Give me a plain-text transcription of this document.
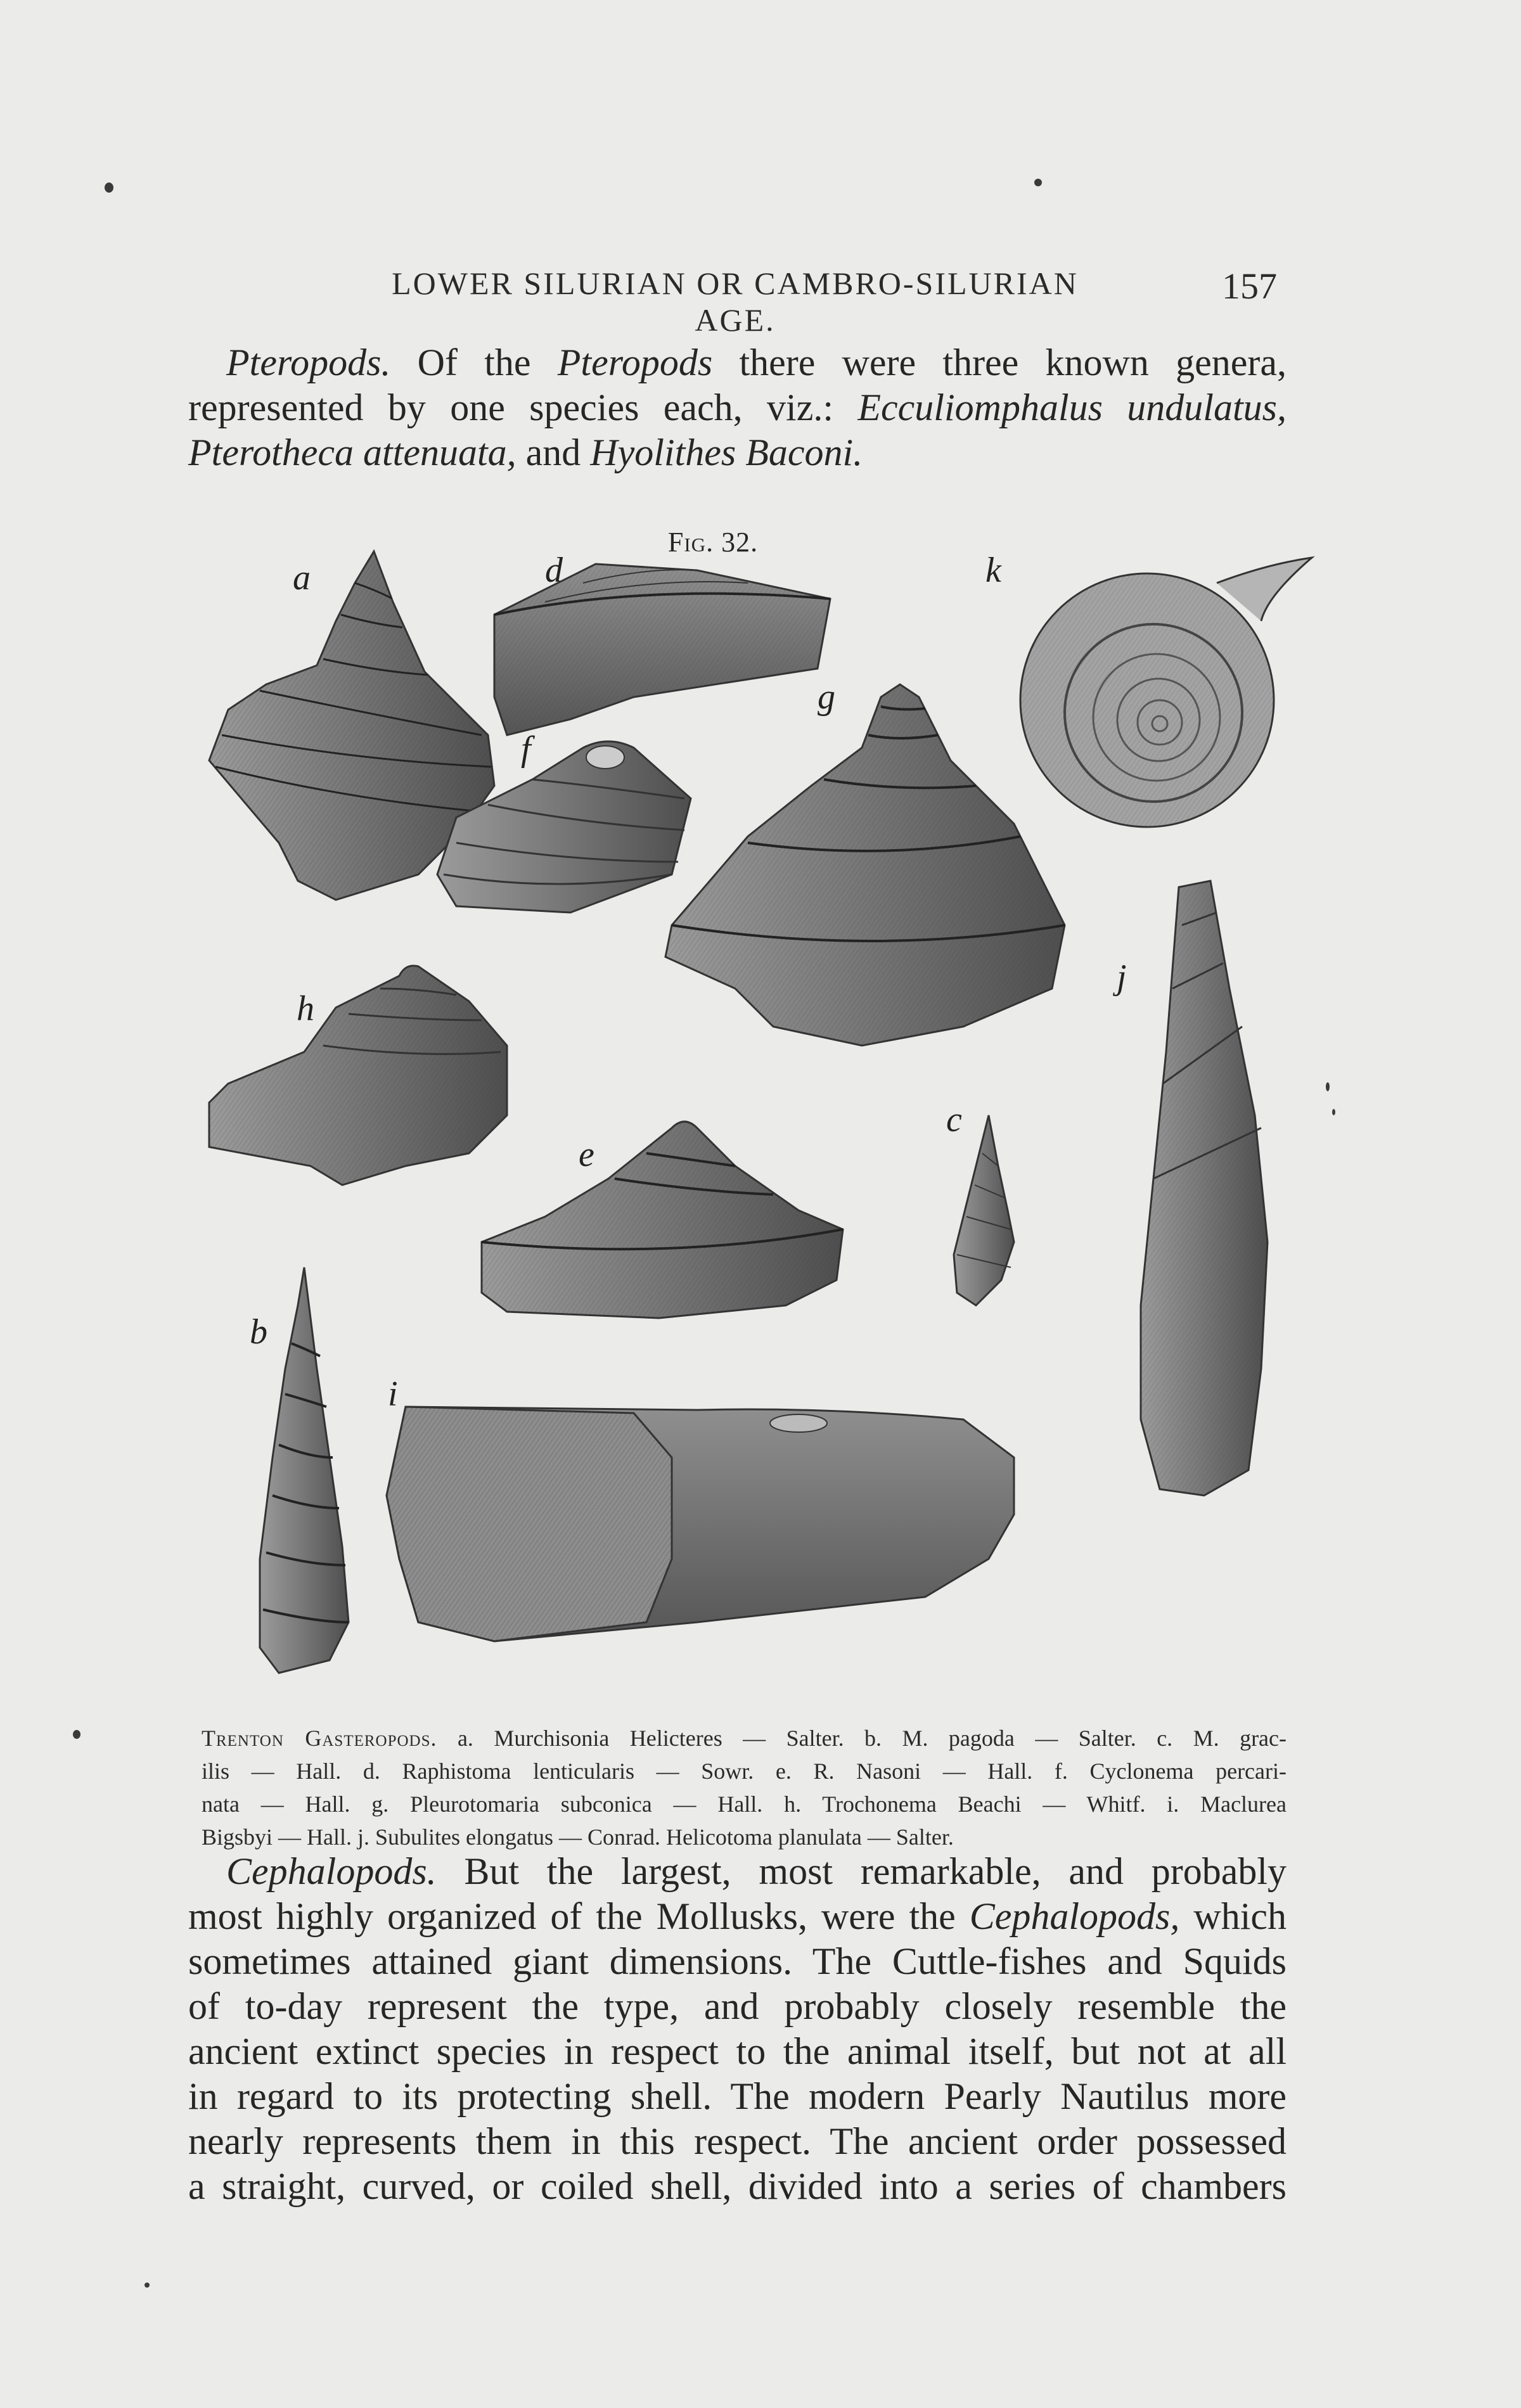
LOWER SILURIAN OR CAMBRO-SILURIAN AGE.
157
Pteropods. Of the Pteropods there were three known genera,
represented by one species each, viz.: Ecculiomphalus undulatus,
Pterotheca attenuata, and Hyolithes Baconi.
Fig. 32.
a	d	k
g
f
j
h
c
e
b
i
Trenton Gasteropods. a. Murchisonia Helicteres — Salter. b. M. pagoda — Salter. c. M. grac-
ilis — Hall. d. Raphistoma lenticularis — Sowr. e. R. Nasoni — Hall. f. Cyclonema percari-
nata — Hall. g. Pleurotomaria subconica — Hall. h. Trochonema Beachi — Whitf. i. Maclurea
Bigsbyi — Hall. j. Subulites elongatus — Conrad. Helicotoma planulata — Salter.
Cephalopods. But the largest, most remarkable, and probably
most highly organized of the Mollusks, were the Cephalopods, which
sometimes attained giant dimensions. The Cuttle-fishes and Squids
of to-day represent the type, and probably closely resemble the
ancient extinct species in respect to the animal itself, but not at all
in regard to its protecting shell. The modern Pearly Nautilus more
nearly represents them in this respect. The ancient order possessed
a straight, curved, or coiled shell, divided into a series of chambers
